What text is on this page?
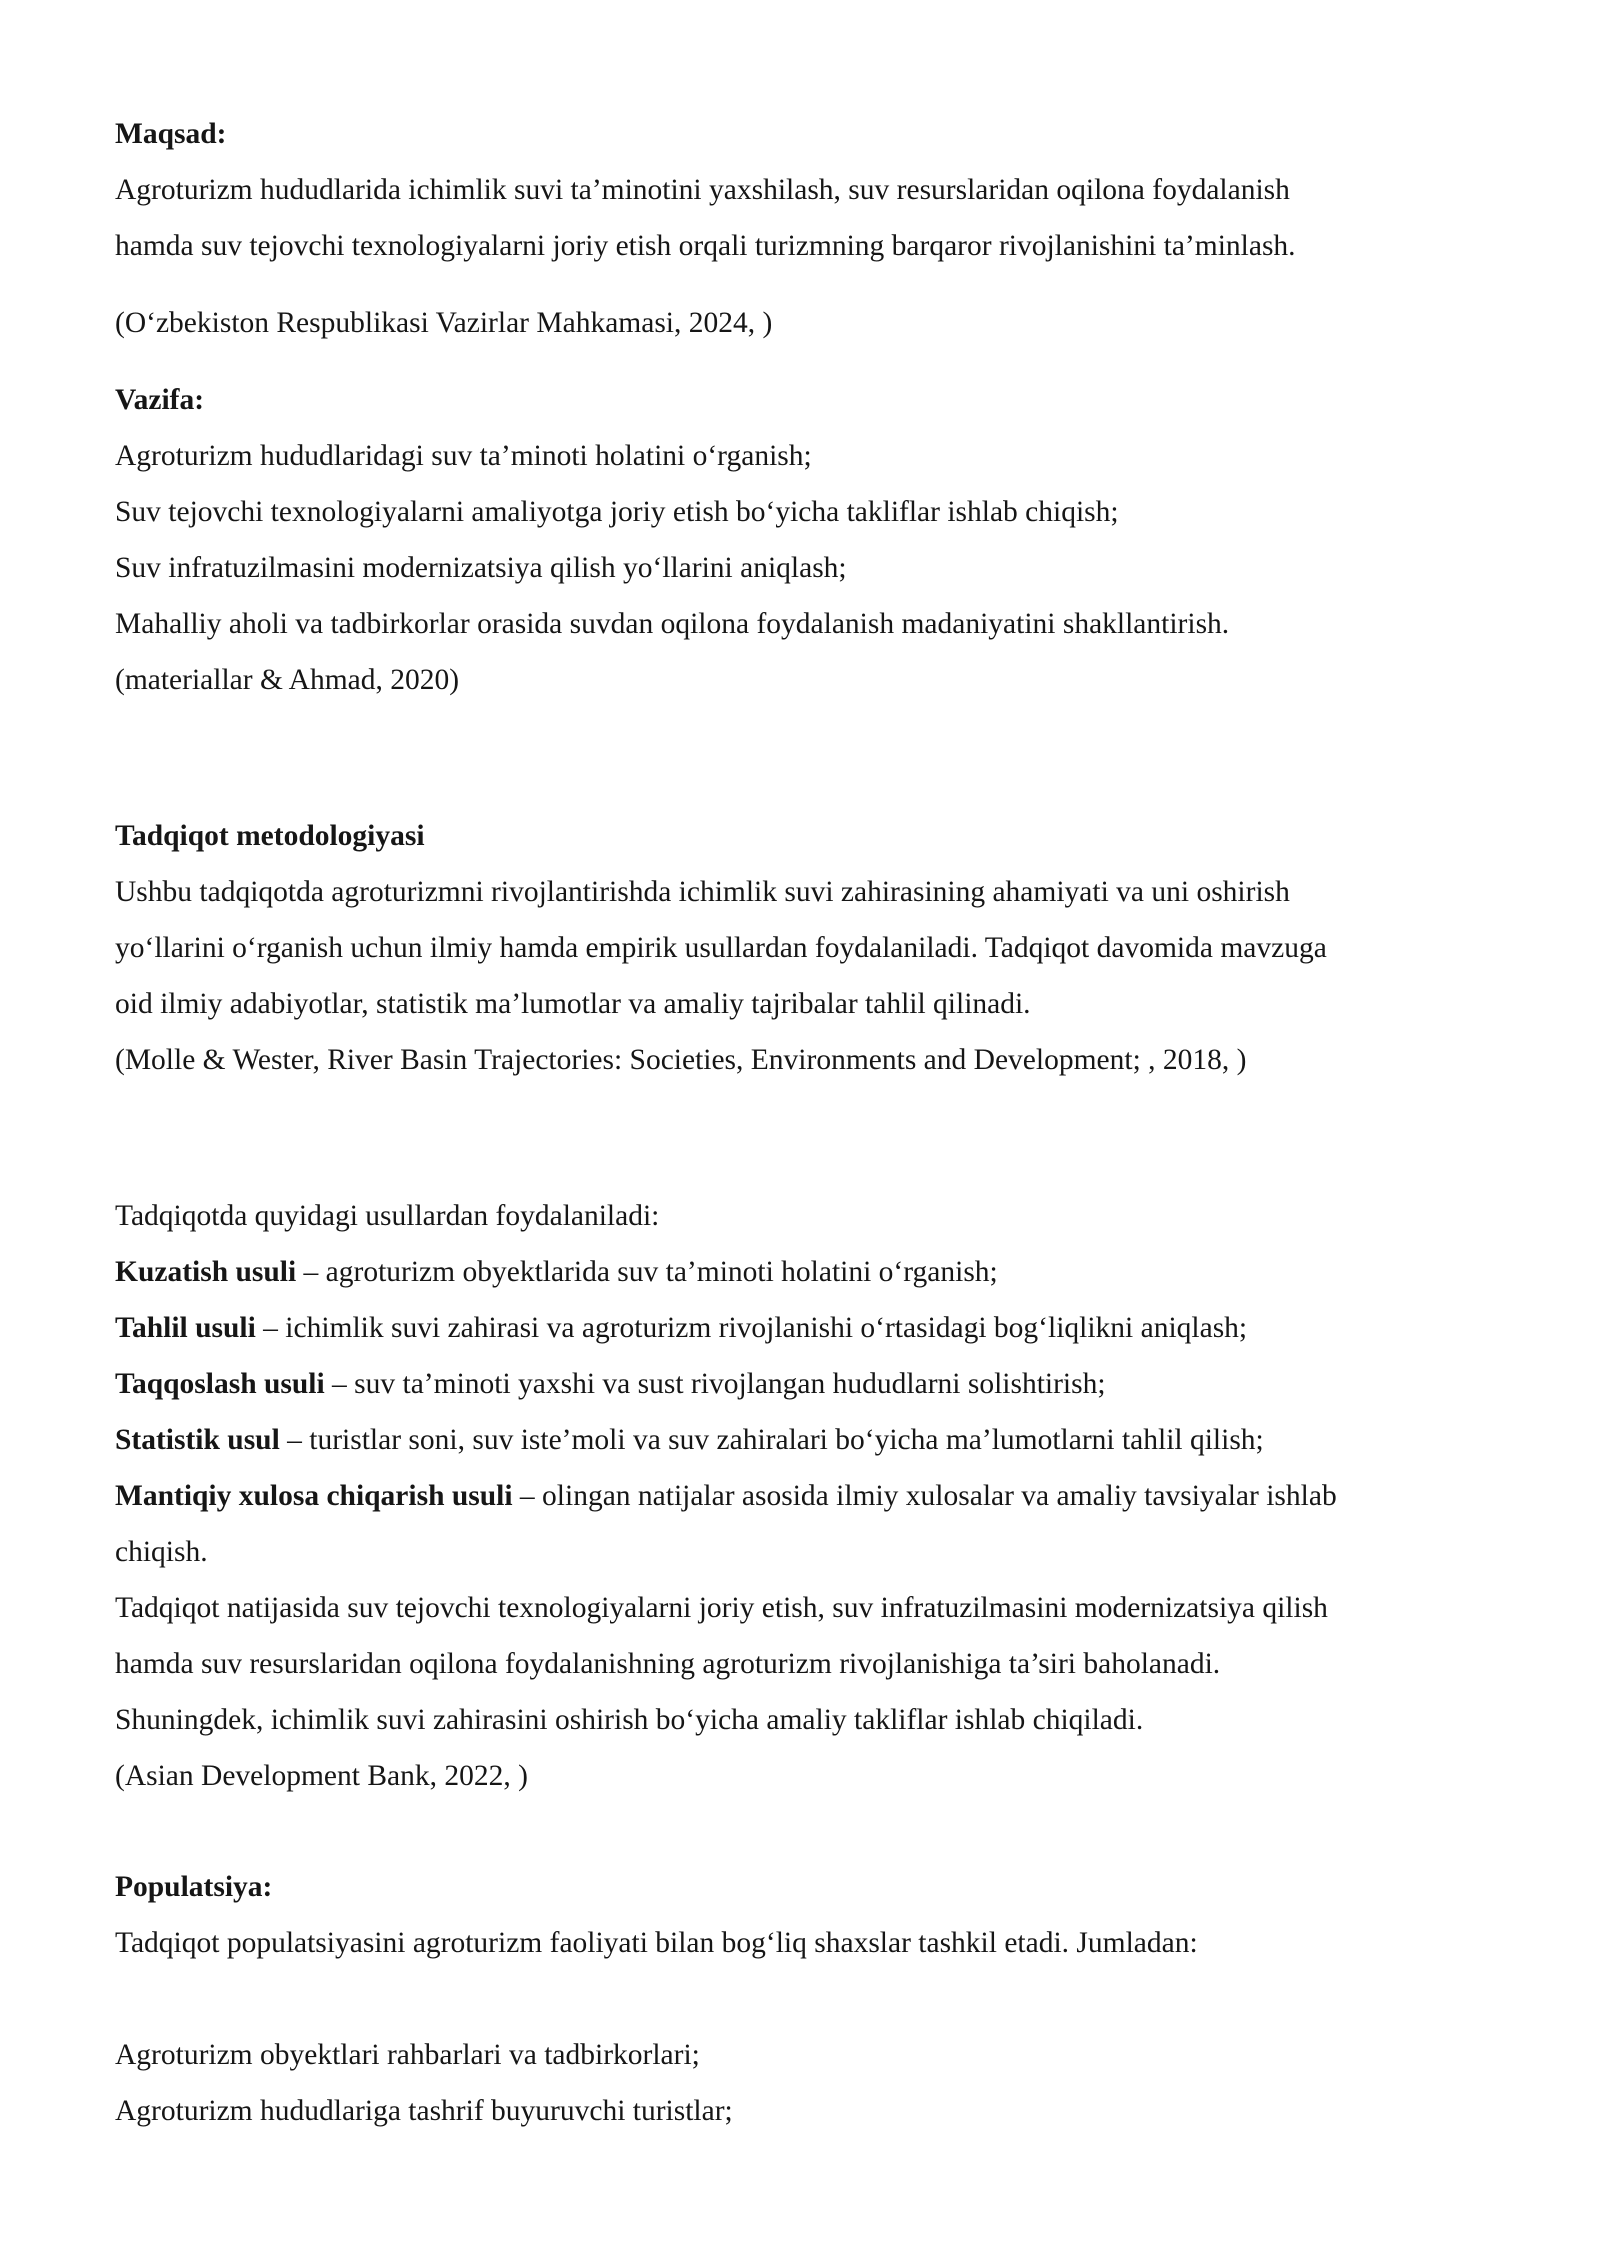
Maqsad:
Agroturizm hududlarida ichimlik suvi ta’minotini yaxshilash, suv resurslaridan oqilona foydalanish
hamda suv tejovchi texnologiyalarni joriy etish orqali turizmning barqaror rivojlanishini ta’minlash.
(O‘zbekiston Respublikasi Vazirlar Mahkamasi, 2024, )
Vazifa:
Agroturizm hududlaridagi suv ta’minoti holatini o‘rganish;
Suv tejovchi texnologiyalarni amaliyotga joriy etish bo‘yicha takliflar ishlab chiqish;
Suv infratuzilmasini modernizatsiya qilish yo‘llarini aniqlash;
Mahalliy aholi va tadbirkorlar orasida suvdan oqilona foydalanish madaniyatini shakllantirish.
(materiallar & Ahmad, 2020)
Tadqiqot metodologiyasi
Ushbu tadqiqotda agroturizmni rivojlantirishda ichimlik suvi zahirasining ahamiyati va uni oshirish
yo‘llarini o‘rganish uchun ilmiy hamda empirik usullardan foydalaniladi. Tadqiqot davomida mavzuga
oid ilmiy adabiyotlar, statistik ma’lumotlar va amaliy tajribalar tahlil qilinadi.
(Molle & Wester, River Basin Trajectories: Societies, Environments and Development; , 2018, )
Tadqiqotda quyidagi usullardan foydalaniladi:
Kuzatish usuli – agroturizm obyektlarida suv ta’minoti holatini o‘rganish;
Tahlil usuli – ichimlik suvi zahirasi va agroturizm rivojlanishi o‘rtasidagi bog‘liqlikni aniqlash;
Taqqoslash usuli – suv ta’minoti yaxshi va sust rivojlangan hududlarni solishtirish;
Statistik usul – turistlar soni, suv iste’moli va suv zahiralari bo‘yicha ma’lumotlarni tahlil qilish;
Mantiqiy xulosa chiqarish usuli – olingan natijalar asosida ilmiy xulosalar va amaliy tavsiyalar ishlab
chiqish.
Tadqiqot natijasida suv tejovchi texnologiyalarni joriy etish, suv infratuzilmasini modernizatsiya qilish
hamda suv resurslaridan oqilona foydalanishning agroturizm rivojlanishiga ta’siri baholanadi.
Shuningdek, ichimlik suvi zahirasini oshirish bo‘yicha amaliy takliflar ishlab chiqiladi.
(Asian Development Bank, 2022, )
Populatsiya:
Tadqiqot populatsiyasini agroturizm faoliyati bilan bog‘liq shaxslar tashkil etadi. Jumladan:
Agroturizm obyektlari rahbarlari va tadbirkorlari;
Agroturizm hududlariga tashrif buyuruvchi turistlar;
